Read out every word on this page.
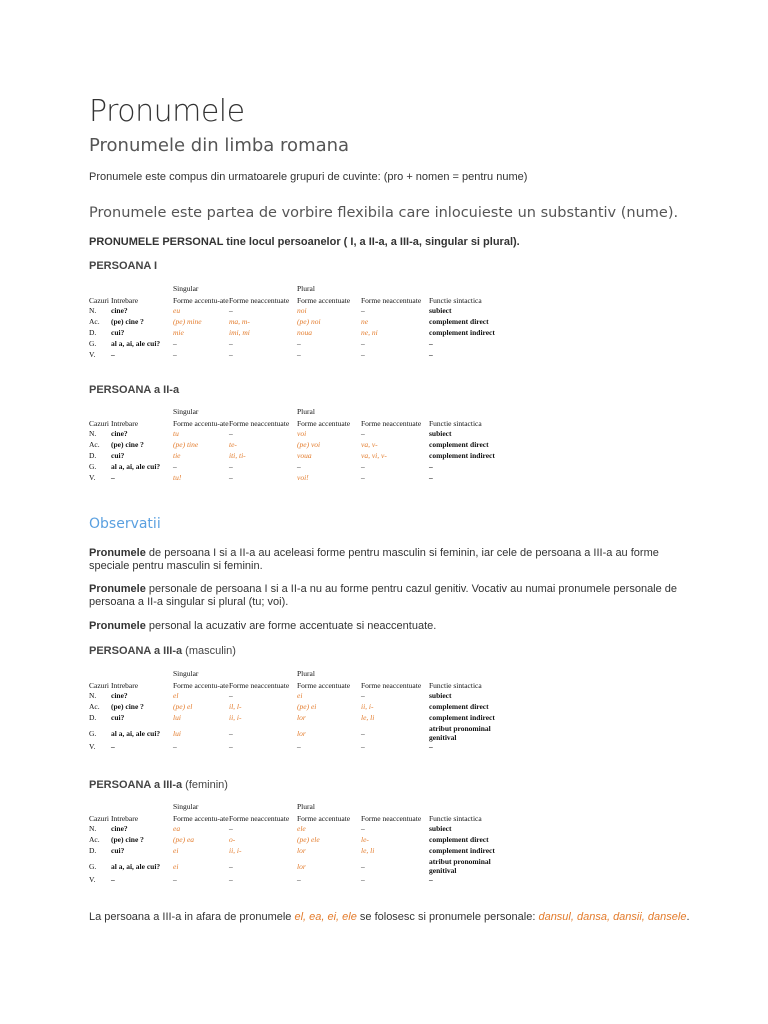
Pronumele
Pronumele din limba romana
Pronumele este compus din urmatoarele grupuri de cuvinte: (pro + nomen = pentru nume)
Pronumele este partea de vorbire flexibila care inlocuieste un substantiv (nume).
PRONUMELE PERSONAL tine locul persoanelor ( I, a II-a, a III-a, singular si plural).
PERSOANA I
		Singular		Plural		
Cazuri	Intrebare	Forme accentu-ate	Forme neaccentuate	Forme accentuate	Forme neaccentuate	Functie sintactica
N.	cine?	eu	–	noi	–	subiect
Ac.	(pe) cine ?	(pe) mine	ma, m-	(pe) noi	ne	complement direct
D.	cui?	mie	imi, mi	noua	ne, ni	complement indirect
G.	al a, ai, ale cui?	–	–	–	–	–
V.	–	–	–	–	–	–
PERSOANA a II-a
		Singular		Plural		
Cazuri	Intrebare	Forme accentu-ate	Forme neaccentuate	Forme accentuate	Forme neaccentuate	Functie sintactica
N.	cine?	tu	–	voi	–	subiect
Ac.	(pe) cine ?	(pe) tine	te-	(pe) voi	va, v-	complement direct
D.	cui?	tie	iti, ti-	voua	va, vi, v-	complement indirect
G.	al a, ai, ale cui?	–	–	–	–	–
V.	–	tu!	–	voi!	–	–
Observatii
Pronumele de persoana I si a II-a au aceleasi forme pentru masculin si feminin, iar cele de persoana a III-a au forme speciale pentru masculin si feminin.
Pronumele personale de persoana I si a II-a nu au forme pentru cazul genitiv. Vocativ au numai pronumele personale de persoana a II-a singular si plural (tu; voi).
Pronumele personal la acuzativ are forme accentuate si neaccentuate.
PERSOANA a III-a (masculin)
		Singular		Plural		
Cazuri	Intrebare	Forme accentu-ate	Forme neaccentuate	Forme accentuate	Forme neaccentuate	Functie sintactica
N.	cine?	el	–	ei	–	subiect
Ac.	(pe) cine ?	(pe) el	il, l-	(pe) ei	ii, i-	complement direct
D.	cui?	lui	ii, i-	lor	le, li	complement indirect
G.	al a, ai, ale cui?	lui	–	lor	–	atribut pronominal genitival
V.	–	–	–	–	–	–
PERSOANA a III-a (feminin)
		Singular		Plural		
Cazuri	Intrebare	Forme accentu-ate	Forme neaccentuate	Forme accentuate	Forme neaccentuate	Functie sintactica
N.	cine?	ea	–	ele	–	subiect
Ac.	(pe) cine ?	(pe) ea	o-	(pe) ele	le-	complement direct
D.	cui?	ei	ii, i-	lor	le, li	complement indirect
G.	al a, ai, ale cui?	ei	–	lor	–	atribut pronominal genitival
V.	–	–	–	–	–	–
La persoana a III-a in afara de pronumele el, ea, ei, ele se folosesc si pronumele personale: dansul, dansa, dansii, dansele.
